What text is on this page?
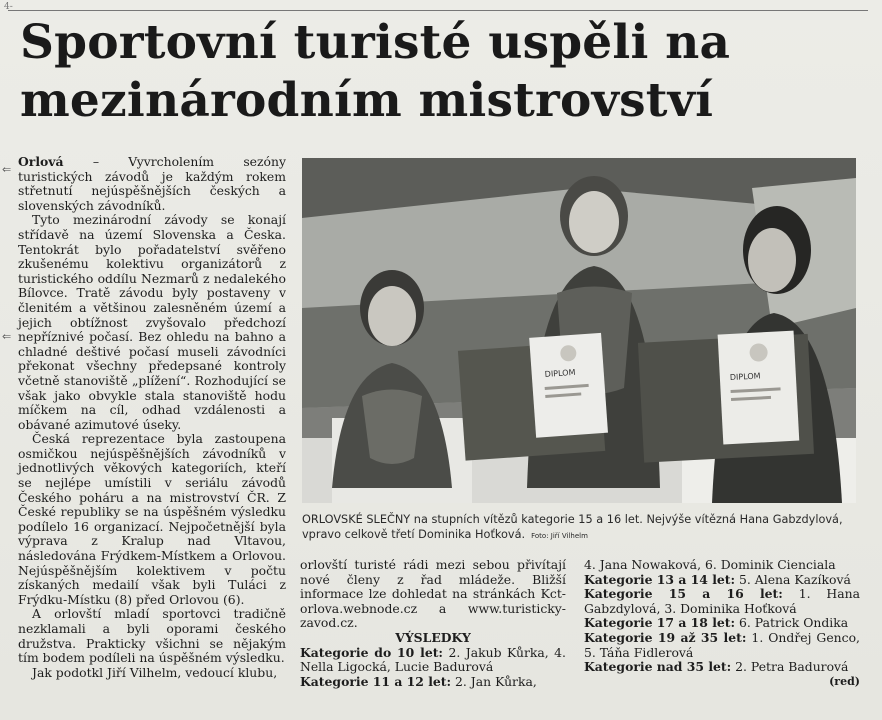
4-
Sportovní turisté uspěli na mezinárodním mistrovství
⇐
⇐

Orlová – Vyvrcholením sezóny turistických závodů je každým rokem střetnutí nejúspěšnějších českých a slovenských závodníků.

Tyto mezinárodní závody se konají střídavě na území Slovenska a Česka. Tentokrát bylo pořadatelství svěřeno zkušenému kolektivu organizátorů z turistického oddílu Nezmarů z nedalekého Bílovce. Tratě závodu byly postaveny v členitém a většinou zalesněném území a jejich obtížnost zvyšovalo předchozí nepříznivé počasí. Bez ohledu na bahno a chladné deštivé počasí museli závodníci překonat všechny předepsané kontroly včetně stanoviště „plížení“. Rozhodující se však jako obvykle stala stanoviště hodu míčkem na cíl, odhad vzdálenosti a obávané azimutové úseky.

Česká reprezentace byla zastoupena osmičkou nejúspěšnějších závodníků v jednotlivých věkových kategoriích, kteří se nejlépe umístili v seriálu závodů Českého poháru a na mistrovství ČR. Z České republiky se na úspěšném výsledku podílelo 16 organizací. Nejpočetnější byla výprava z Kralup nad Vltavou, následována Frýdkem-Místkem a Orlovou. Nejúspěšnějším kolektivem v počtu získaných medailí však byli Tuláci z Frýdku-Místku (8) před Orlovou (6).

A orlovští mladí sportovci tradičně nezklamali a byli oporami českého družstva. Prakticky všichni se nějakým tím bodem podíleli na úspěšném výsledku.

Jak podotkl Jiří Vilhelm, vedoucí klubu,

DIPLOM	DIPLOM
ORLOVSKÉ SLEČNY na stupních vítězů kategorie 15 a 16 let. Nejvýše vítězná Hana Gabzdylová, vpravo celkově třetí Dominika Hoťková. Foto: Jiří Vilhelm

orlovští turisté rádi mezi sebou přivítají nové členy z řad mládeže. Bližší informace lze dohledat na stránkách Kct-orlova.webnode.cz a www.turisticky-zavod.cz.

VÝSLEDKY

Kategorie do 10 let: 2. Jakub Kůrka, 4. Nella Ligocká, Lucie Badurová

Kategorie 11 a 12 let: 2. Jan Kůrka,

4. Jana Nowaková, 6. Dominik Cienciala

Kategorie 13 a 14 let: 5. Alena Kazíková

Kategorie 15 a 16 let: 1. Hana Gabzdylová, 3. Dominika Hoťková

Kategorie 17 a 18 let: 6. Patrick Ondika

Kategorie 19 až 35 let: 1. Ondřej Genco, 5. Táňa Fidlerová

Kategorie nad 35 let: 2. Petra Badurová

(red)
